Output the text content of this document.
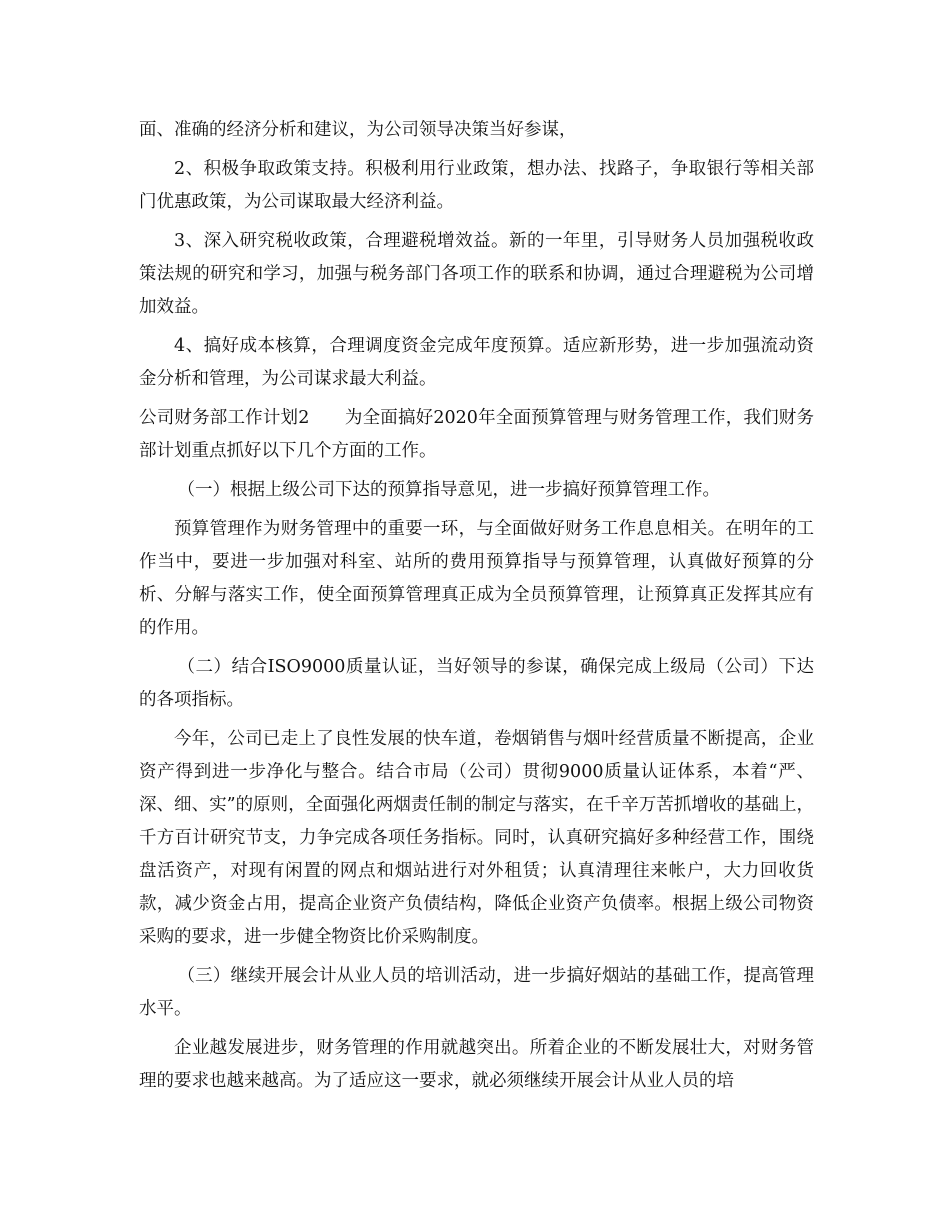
面、准确的经济分析和建议，为公司领导决策当好参谋，

2、积极争取政策支持。积极利用行业政策，想办法、找路子，争取银行等相关部门优惠政策，为公司谋取最大经济利益。

3、深入研究税收政策，合理避税增效益。新的一年里，引导财务人员加强税收政策法规的研究和学习，加强与税务部门各项工作的联系和协调，通过合理避税为公司增加效益。

4、搞好成本核算，合理调度资金完成年度预算。适应新形势，进一步加强流动资金分析和管理，为公司谋求最大利益。

公司财务部工作计划2　　为全面搞好2020年全面预算管理与财务管理工作，我们财务部计划重点抓好以下几个方面的工作。

（一）根据上级公司下达的预算指导意见，进一步搞好预算管理工作。

预算管理作为财务管理中的重要一环，与全面做好财务工作息息相关。在明年的工作当中，要进一步加强对科室、站所的费用预算指导与预算管理，认真做好预算的分析、分解与落实工作，使全面预算管理真正成为全员预算管理，让预算真正发挥其应有的作用。

（二）结合ISO9000质量认证，当好领导的参谋，确保完成上级局（公司）下达的各项指标。

今年，公司已走上了良性发展的快车道，卷烟销售与烟叶经营质量不断提高，企业资产得到进一步净化与整合。结合市局（公司）贯彻9000质量认证体系，本着“严、深、细、实”的原则，全面强化两烟责任制的制定与落实，在千辛万苦抓增收的基础上，千方百计研究节支，力争完成各项任务指标。同时，认真研究搞好多种经营工作，围绕盘活资产，对现有闲置的网点和烟站进行对外租赁；认真清理往来帐户，大力回收货款，减少资金占用，提高企业资产负债结构，降低企业资产负债率。根据上级公司物资采购的要求，进一步健全物资比价采购制度。

（三）继续开展会计从业人员的培训活动，进一步搞好烟站的基础工作，提高管理水平。

企业越发展进步，财务管理的作用就越突出。所着企业的不断发展壮大，对财务管理的要求也越来越高。为了适应这一要求，就必须继续开展会计从业人员的培
